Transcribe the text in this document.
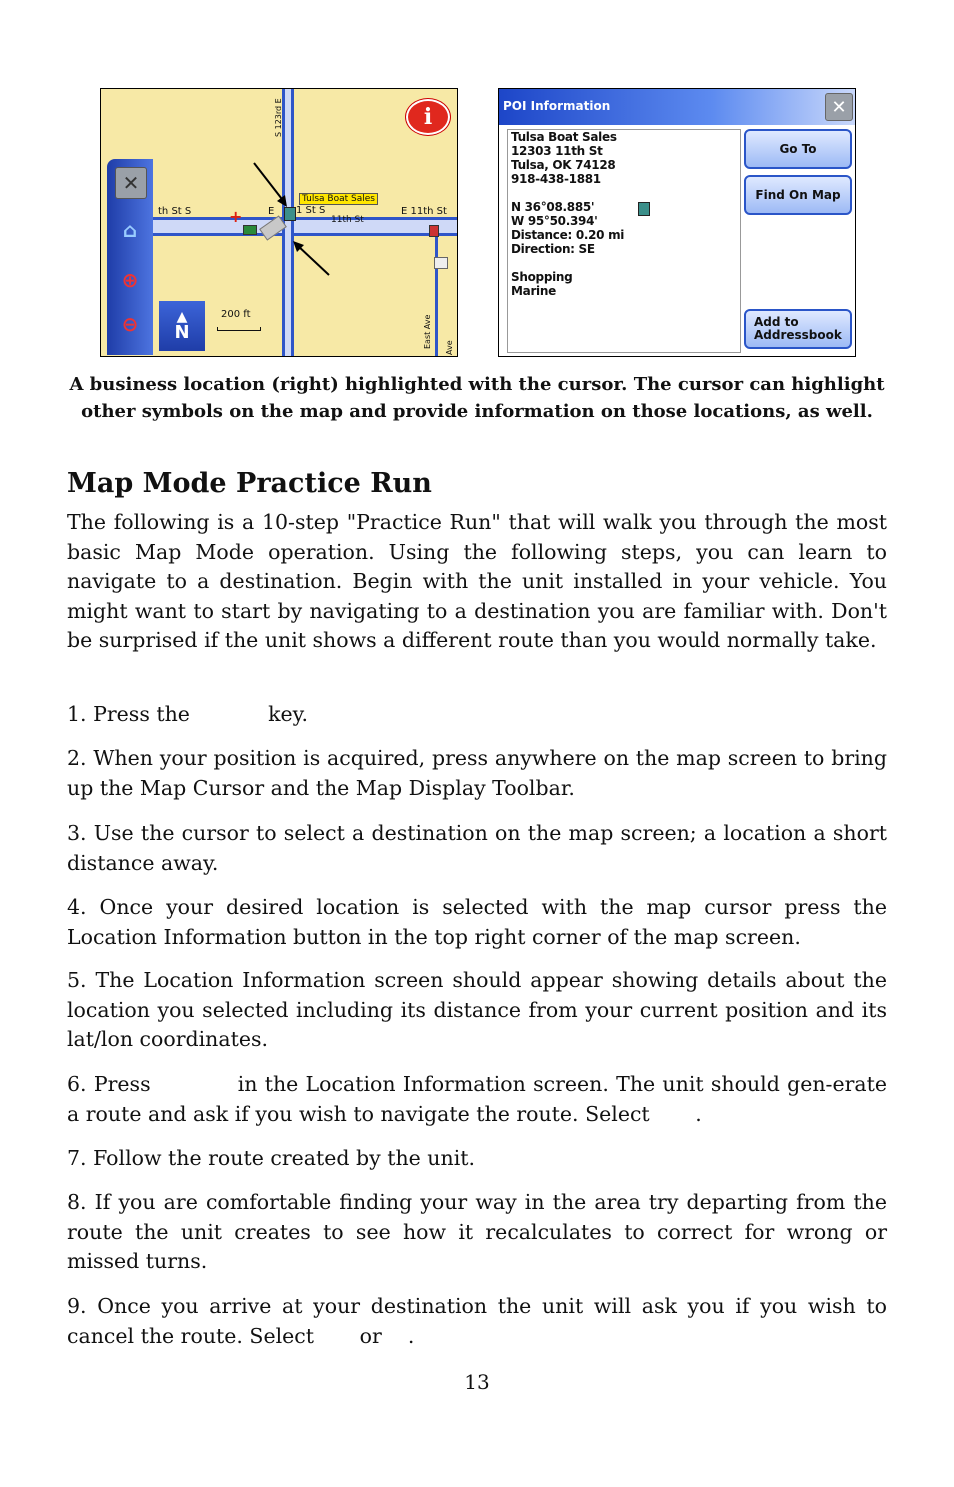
th St S	E 1 St S
11th St
E 11th St
S 123rd E
East Ave Ave
Tulsa Boat Sales
+
i
✕
⌂
⊕
⊖	▲
N
200 ft
POI Information	✕
Tulsa Boat Sales
12303 11th St
Tulsa, OK 74128
918-438-1881
N 36°08.885'
W 95°50.394'
Distance: 0.20 mi
Direction: SE
Shopping
Marine
Go To
Find On Map
Add to
Addressbook
A business location (right) highlighted with the cursor. The cursor can highlight other symbols on the map and provide information on those locations, as well.
Map Mode Practice Run

The following is a 10-step "Practice Run" that will walk you through the most basic Map Mode operation. Using the following steps, you can learn to navigate to a destination. Begin with the unit installed in your vehicle. You might want to start by navigating to a destination you are familiar with. Don't be surprised if the unit shows a different route than you would normally take.

1. Press the            key.

2. When your position is acquired, press anywhere on the map screen to bring up the Map Cursor and the Map Display Toolbar.

3. Use the cursor to select a destination on the map screen; a location a short distance away.

4. Once your desired location is selected with the map cursor press the Location Information button in the top right corner of the map screen.

5. The Location Information screen should appear showing details about the location you selected including its distance from your current position and its lat/lon coordinates.

6. Press            in the Location Information screen. The unit should gen-erate a route and ask if you wish to navigate the route. Select       .

7. Follow the route created by the unit.

8. If you are comfortable finding your way in the area try departing from the route the unit creates to see how it recalculates to correct for wrong or missed turns.

9. Once you arrive at your destination the unit will ask you if you wish to cancel the route. Select       or    .

13
